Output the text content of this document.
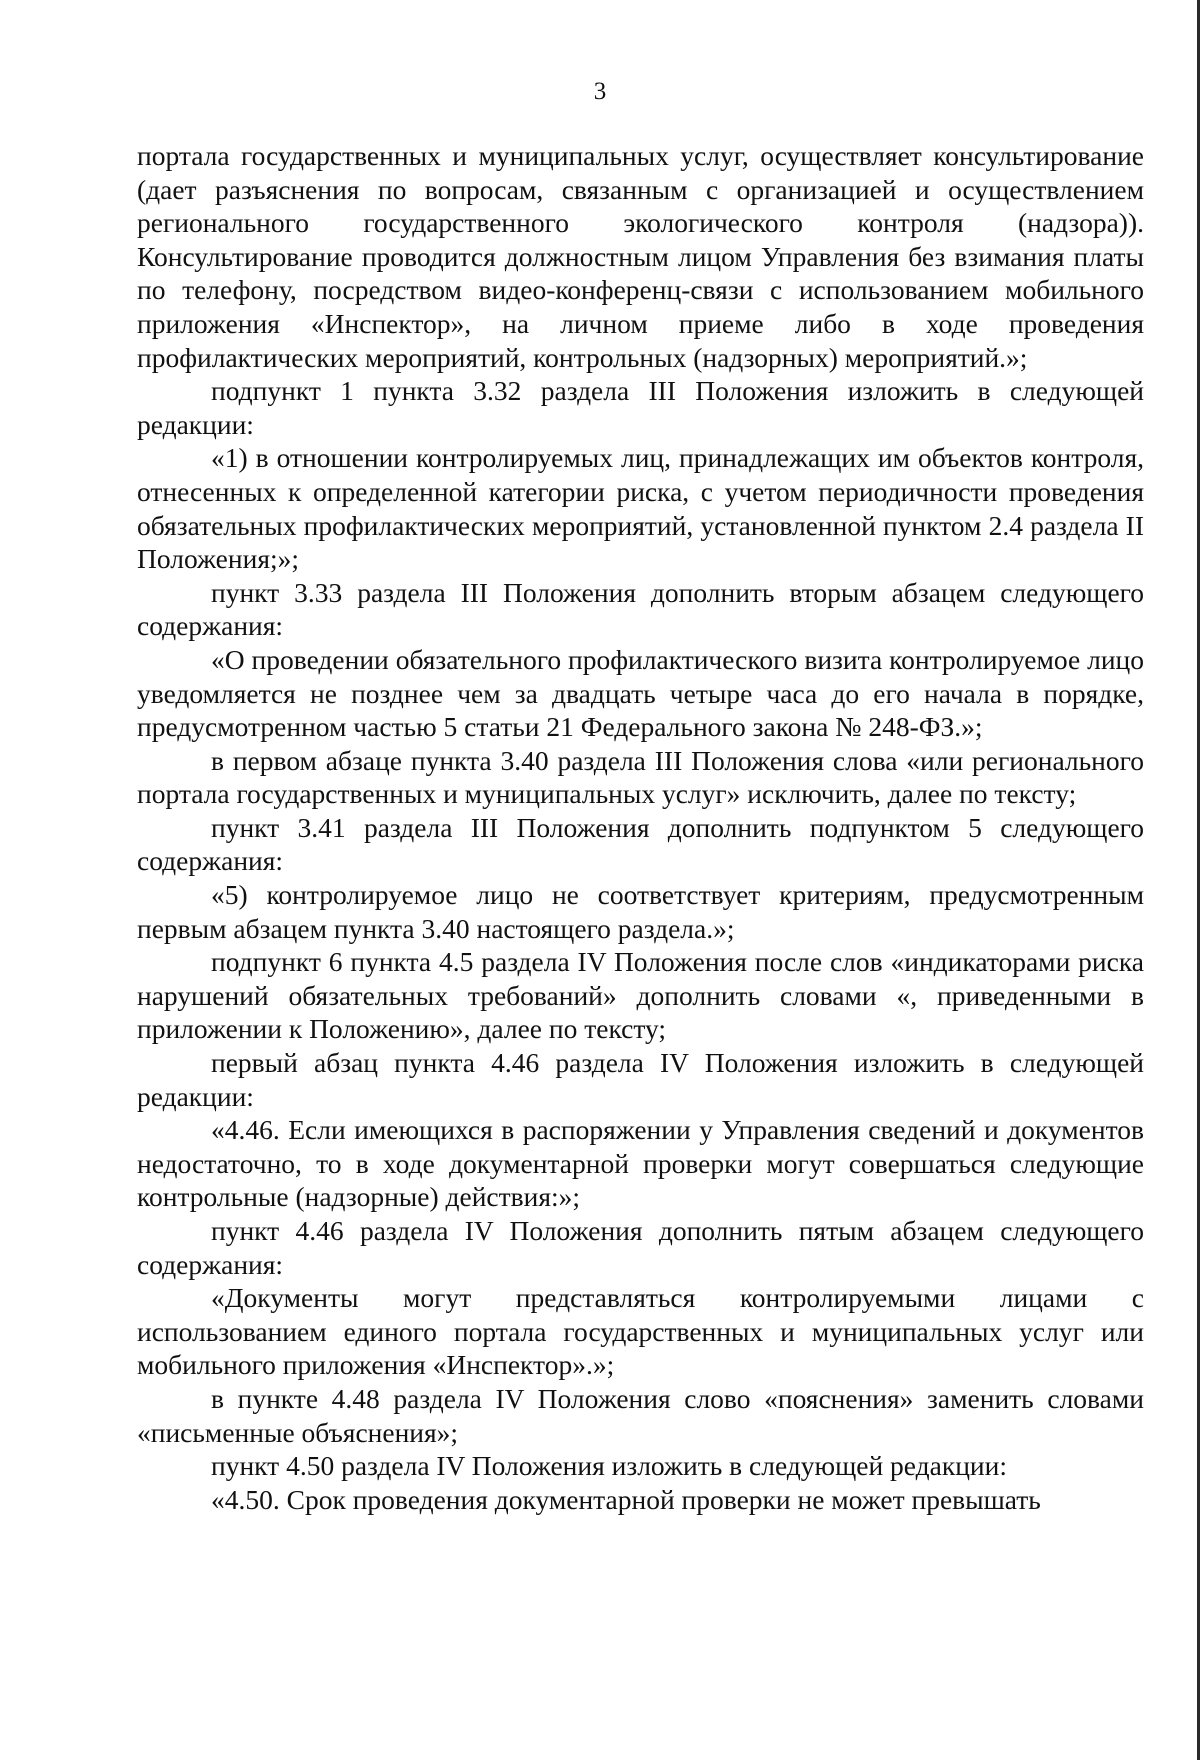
3

портала государственных и муниципальных услуг, осуществляет консультирование (дает разъяснения по вопросам, связанным с организацией и осуществлением регионального государственного экологического контроля (надзора)). Консультирование проводится должностным лицом Управления без взимания платы по телефону, посредством видео-конференц-связи с использованием мобильного приложения «Инспектор», на личном приеме либо в ходе проведения профилактических мероприятий, контрольных (надзорных) мероприятий.»;

подпункт 1 пункта 3.32 раздела III Положения изложить в следующей редакции:

«1) в отношении контролируемых лиц, принадлежащих им объектов контроля, отнесенных к определенной категории риска, с учетом периодичности проведения обязательных профилактических мероприятий, установленной пунктом 2.4 раздела II Положения;»;

пункт 3.33 раздела III Положения дополнить вторым абзацем следующего содержания:

«О проведении обязательного профилактического визита контролируемое лицо уведомляется не позднее чем за двадцать четыре часа до его начала в порядке, предусмотренном частью 5 статьи 21 Федерального закона № 248-ФЗ.»;

в первом абзаце пункта 3.40 раздела III Положения слова «или регионального портала государственных и муниципальных услуг» исключить, далее по тексту;

пункт 3.41 раздела III Положения дополнить подпунктом 5 следующего содержания:

«5) контролируемое лицо не соответствует критериям, предусмотренным первым абзацем пункта 3.40 настоящего раздела.»;

подпункт 6 пункта 4.5 раздела IV Положения после слов «индикаторами риска нарушений обязательных требований» дополнить словами «, приведенными в приложении к Положению», далее по тексту;

первый абзац пункта 4.46 раздела IV Положения изложить в следующей редакции:

«4.46. Если имеющихся в распоряжении у Управления сведений и документов недостаточно, то в ходе документарной проверки могут совершаться следующие контрольные (надзорные) действия:»;

пункт 4.46 раздела IV Положения дополнить пятым абзацем следующего содержания:

«Документы могут представляться контролируемыми лицами с использованием единого портала государственных и муниципальных услуг или мобильного приложения «Инспектор».»;

в пункте 4.48 раздела IV Положения слово «пояснения» заменить словами «письменные объяснения»;

пункт 4.50 раздела IV Положения изложить в следующей редакции:

«4.50. Срок проведения документарной проверки не может превышать
